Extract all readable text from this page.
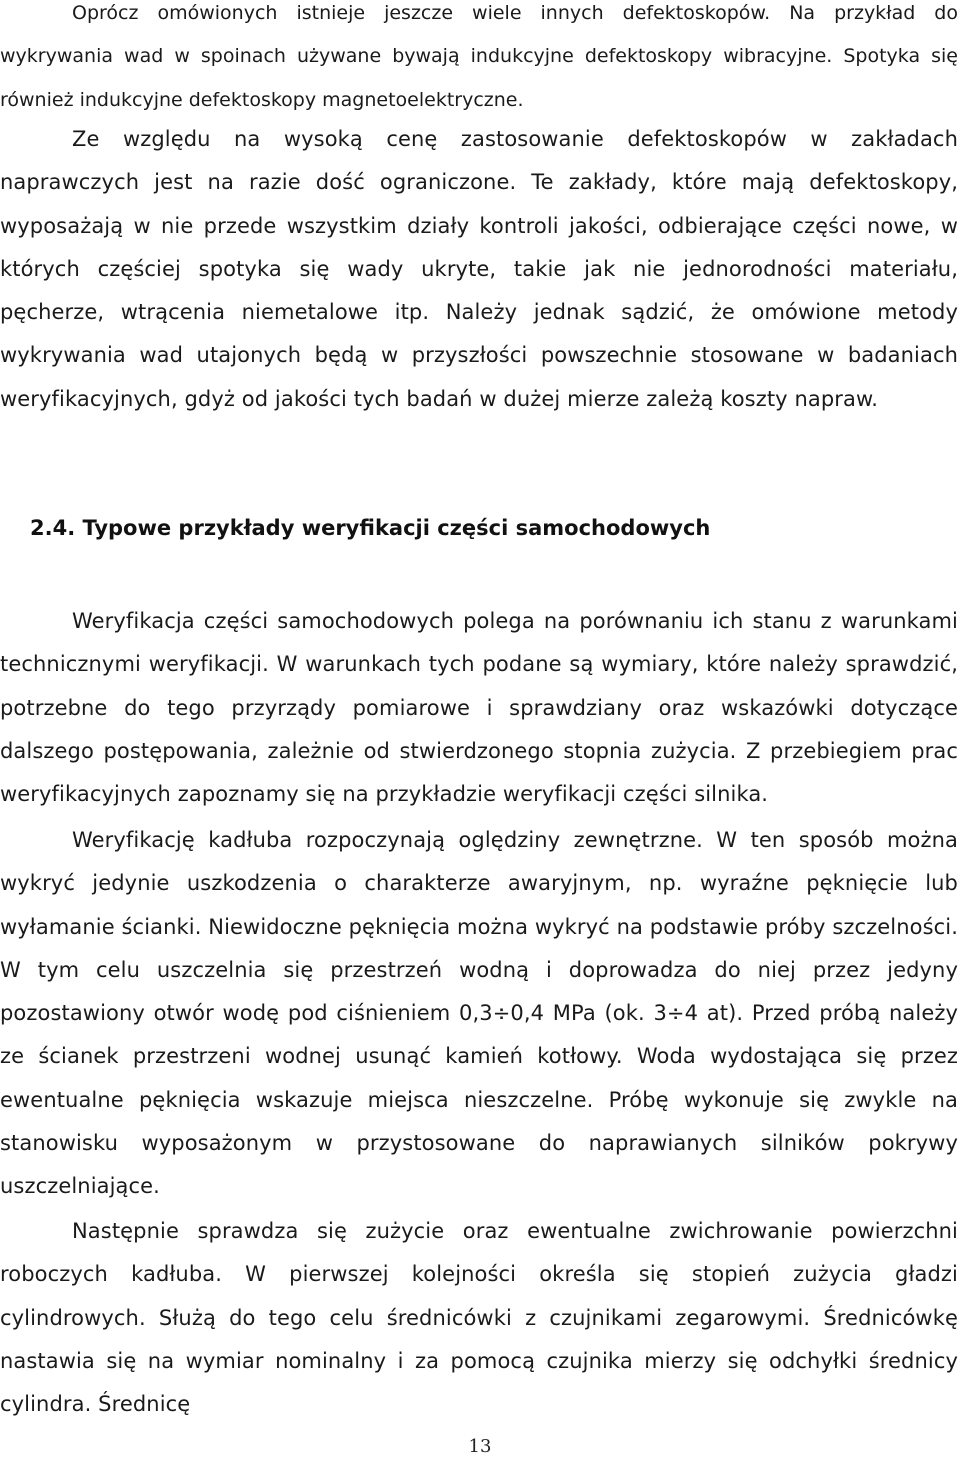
Oprócz omówionych istnieje jeszcze wiele innych defektoskopów. Na przykład do wykrywania wad w spoinach używane bywają indukcyjne defektoskopy wibracyjne. Spotyka się również indukcyjne defektoskopy magnetoelektryczne.

Ze względu na wysoką cenę zastosowanie defektoskopów w zakładach naprawczych jest na razie dość ograniczone. Te zakłady, które mają defektoskopy, wyposażają w nie przede wszystkim działy kontroli jakości, odbierające części nowe, w których częściej spotyka się wady ukryte, takie jak nie jednorodności materiału, pęcherze, wtrącenia niemetalowe itp. Należy jednak sądzić, że omówione metody wykrywania wad utajonych będą w przyszłości powszechnie stosowane w badaniach weryfikacyjnych, gdyż od jakości tych badań w dużej mierze zależą koszty napraw.

2.4. Typowe przykłady weryfikacji części samochodowych

Weryfikacja części samochodowych polega na porównaniu ich stanu z warunkami technicznymi weryfikacji. W warunkach tych podane są wymiary, które należy sprawdzić, potrzebne do tego przyrządy pomiarowe i sprawdziany oraz wskazówki dotyczące dalszego postępowania, zależnie od stwierdzonego stopnia zużycia. Z przebiegiem prac weryfikacyjnych zapoznamy się na przykładzie weryfikacji części silnika.

Weryfikację kadłuba rozpoczynają oględziny zewnętrzne. W ten sposób można wykryć jedynie uszkodzenia o charakterze awaryjnym, np. wyraźne pęknięcie lub wyłamanie ścianki. Niewidoczne pęknięcia można wykryć na podstawie próby szczelności. W tym celu uszczelnia się przestrzeń wodną i doprowadza do niej przez jedyny pozostawiony otwór wodę pod ciśnieniem 0,3÷0,4 MPa (ok. 3÷4 at). Przed próbą należy ze ścianek przestrzeni wodnej usunąć kamień kotłowy. Woda wydostająca się przez ewentualne pęknięcia wskazuje miejsca nieszczelne. Próbę wykonuje się zwykle na stanowisku wyposażonym w przystosowane do naprawianych silników pokrywy uszczelniające.

Następnie sprawdza się zużycie oraz ewentualne zwichrowanie powierzchni roboczych kadłuba. W pierwszej kolejności określa się stopień zużycia gładzi cylindrowych. Służą do tego celu średnicówki z czujnikami zegarowymi. Średnicówkę nastawia się na wymiar nominalny i za pomocą czujnika mierzy się odchyłki średnicy cylindra. Średnicę

13
